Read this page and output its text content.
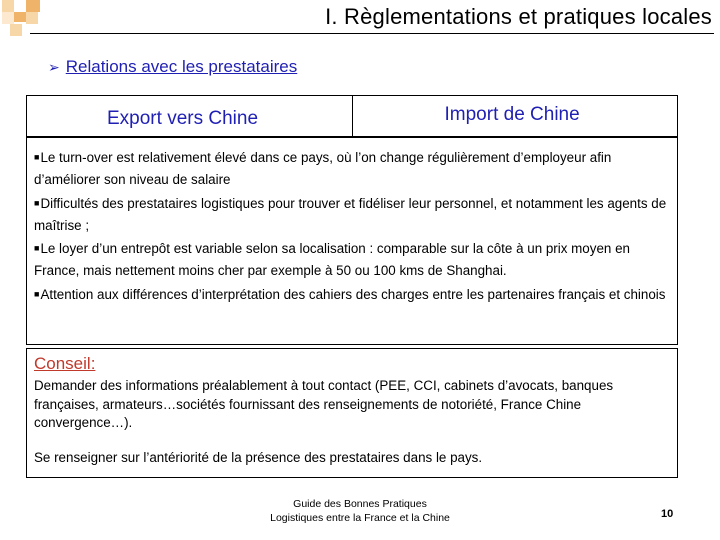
I. Règlementations et pratiques locales
➢ Relations avec les prestataires
Export vers Chine	Import de Chine
■Le turn-over est relativement élevé dans ce pays, où l’on change régulièrement d’employeur afin d’améliorer son niveau de salaire
■Difficultés des prestataires logistiques pour trouver et fidéliser leur personnel, et notamment les agents de maîtrise ;
■Le loyer d’un entrepôt est variable selon sa localisation : comparable sur la côte à un prix moyen en France, mais nettement moins cher par exemple à 50 ou 100 kms de Shanghai.
■Attention aux différences d’interprétation des cahiers des charges entre les partenaires français et chinois
Conseil:
Demander des informations préalablement à tout contact (PEE, CCI, cabinets d’avocats, banques françaises, armateurs…sociétés fournissant des renseignements de notoriété, France Chine convergence…).
Se renseigner sur l’antériorité de la présence des prestataires dans le pays.
Guide des Bonnes Pratiques
Logistiques entre la France et la Chine	10
